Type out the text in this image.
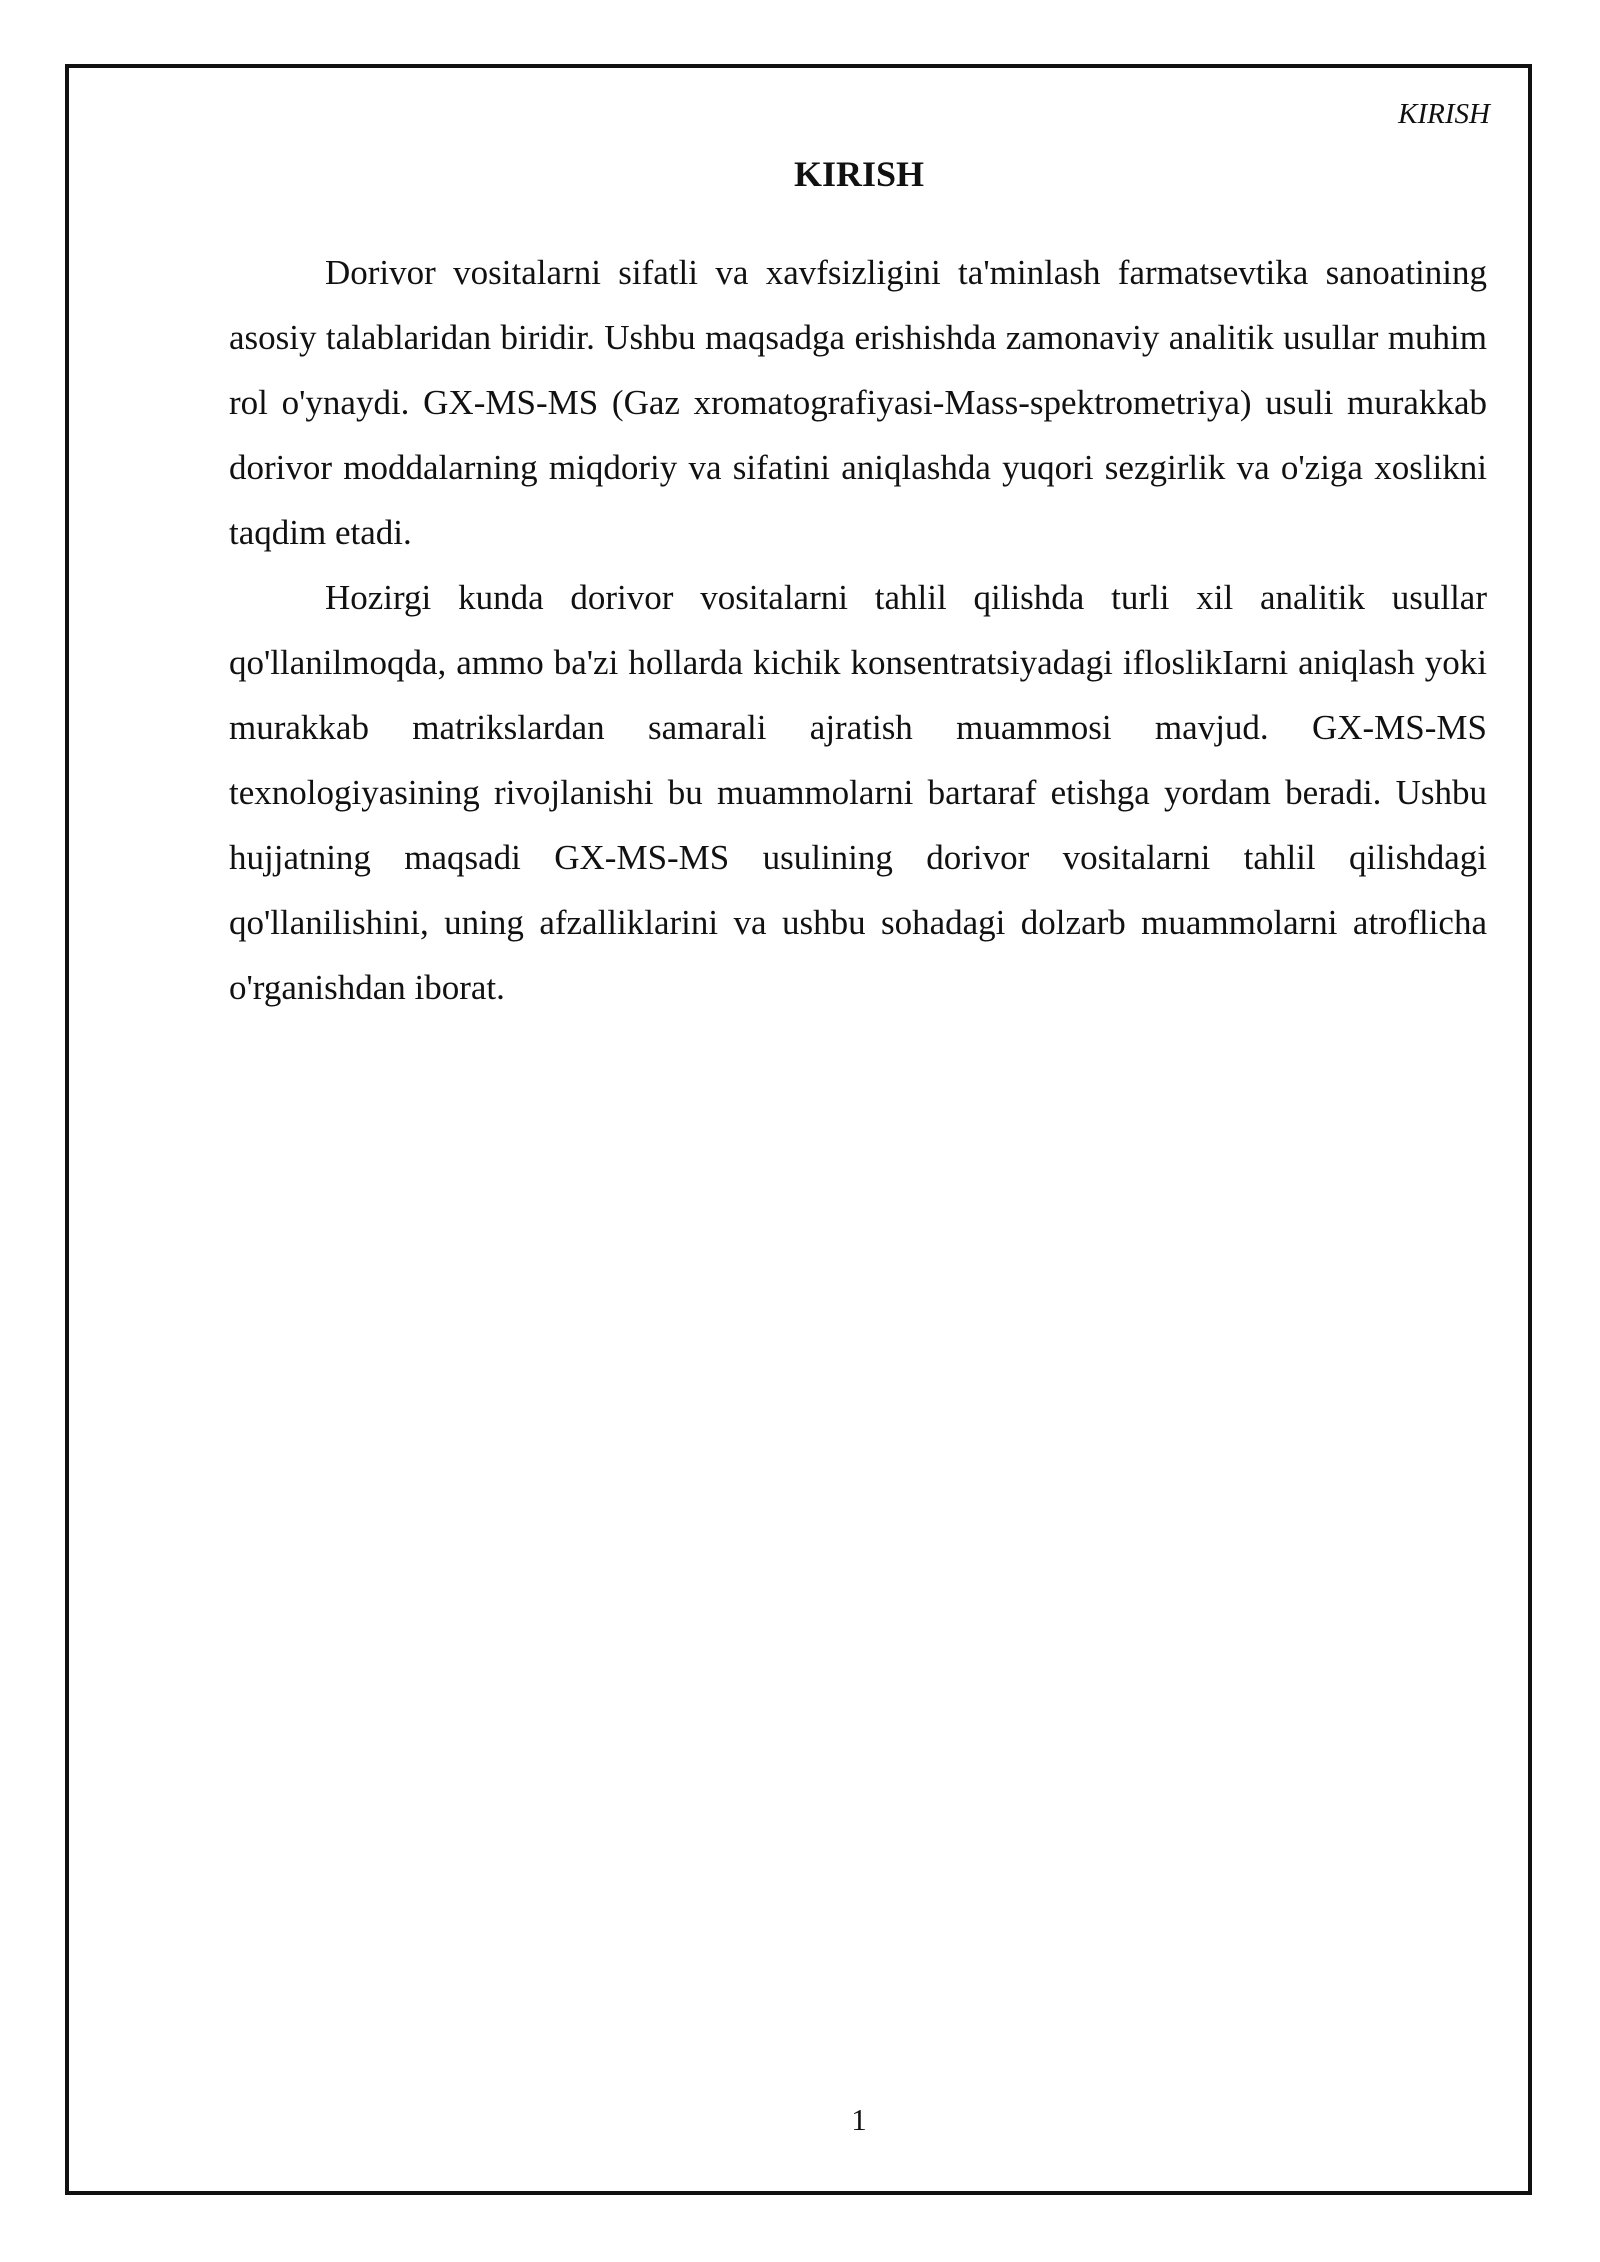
KIRISH
KIRISH

Dorivor vositalarni sifatli va xavfsizligini ta'minlash farmatsevtika sanoatining asosiy talablaridan biridir. Ushbu maqsadga erishishda zamonaviy analitik usullar muhim rol o'ynaydi. GX-MS-MS (Gaz xromatografiyasi-Mass-spektrometriya) usuli murakkab dorivor moddalarning miqdoriy va sifatini aniqlashda yuqori sezgirlik va o'ziga xoslikni taqdim etadi.

Hozirgi kunda dorivor vositalarni tahlil qilishda turli xil analitik usullar qo'llanilmoqda, ammo ba'zi hollarda kichik konsentratsiyadagi ifloslikIarni aniqlash yoki murakkab matrikslardan samarali ajratish muammosi mavjud. GX-MS-MS texnologiyasining rivojlanishi bu muammolarni bartaraf etishga yordam beradi. Ushbu hujjatning maqsadi GX-MS-MS usulining dorivor vositalarni tahlil qilishdagi qo'llanilishini, uning afzalliklarini va ushbu sohadagi dolzarb muammolarni atroflicha o'rganishdan iborat.

1
